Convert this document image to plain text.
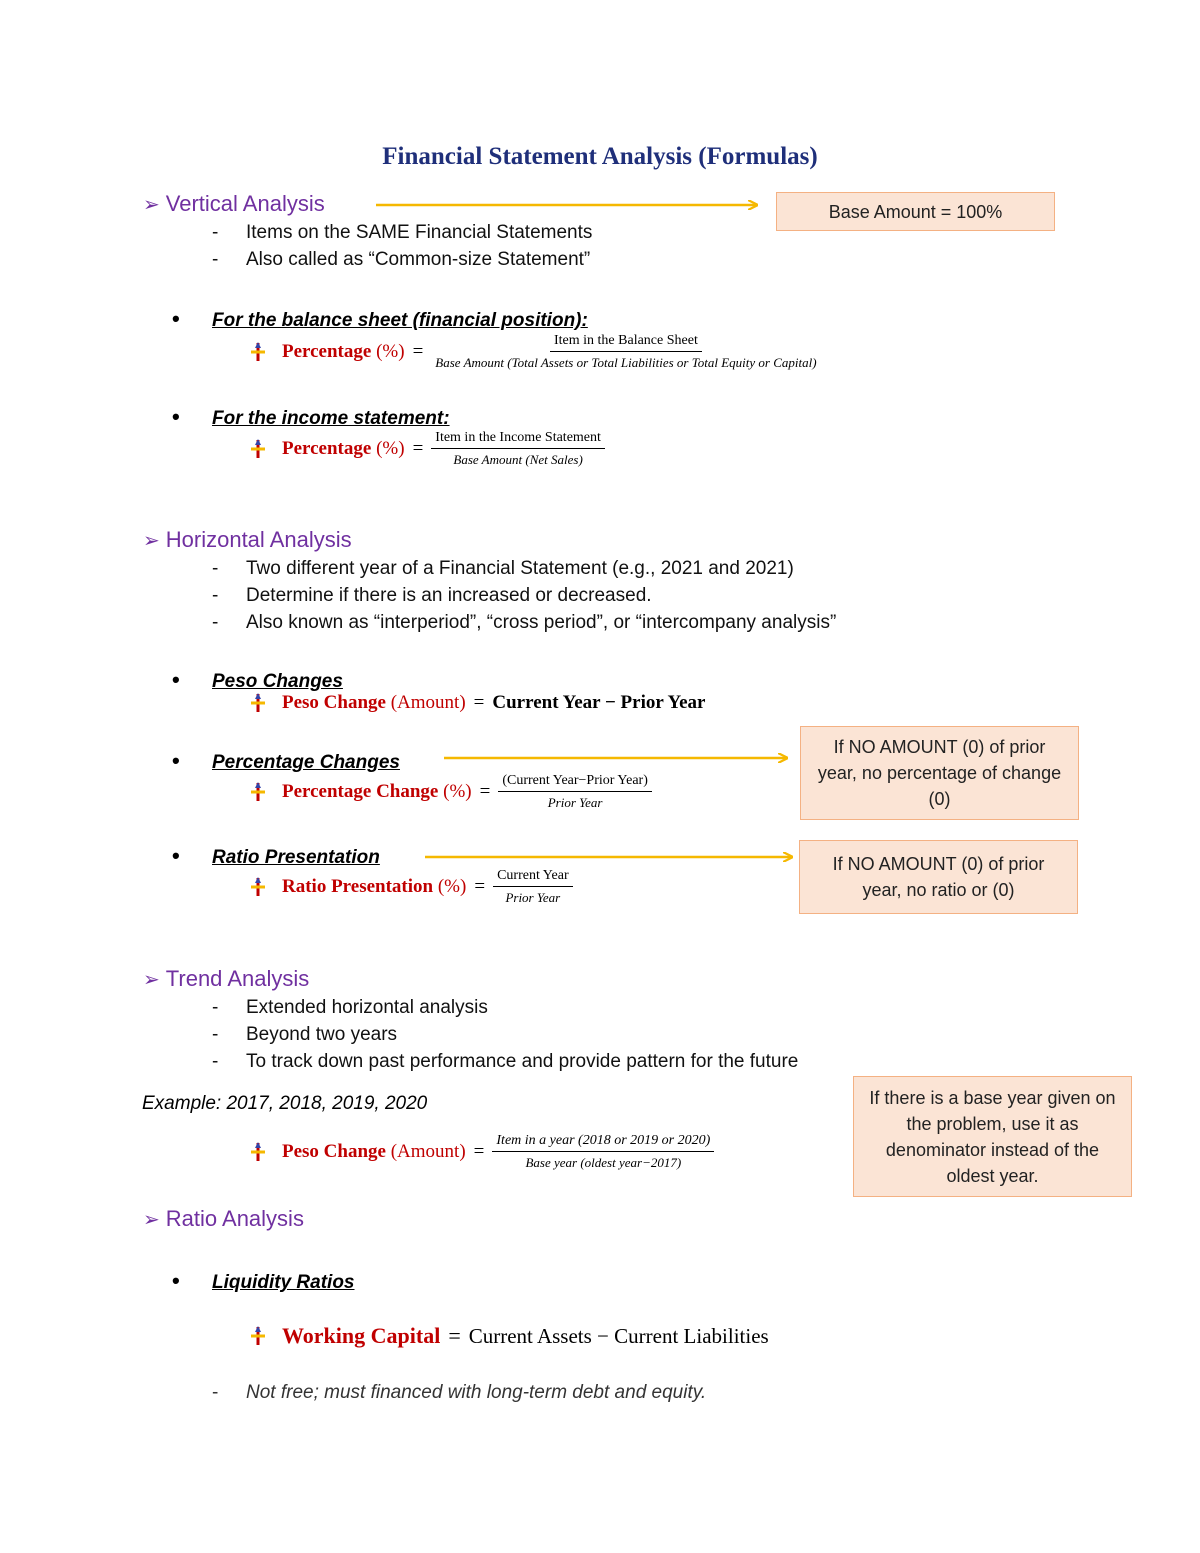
Financial Statement Analysis (Formulas)
➢ Vertical Analysis	Base Amount = 100%
- Items on the SAME Financial Statements
- Also called as “Common-size Statement”
• For the balance sheet (financial position):
Percentage (%) =
Item in the Balance Sheet
Base Amount (Total Assets or Total Liabilities or Total Equity or Capital)
• For the income statement:
Percentage (%) = $\frac{\text{Item in the Income Statement}}{\text{Base Amount (Net Sales)}}$
➢ Horizontal Analysis
- Two different year of a Financial Statement (e.g., 2021 and 2021)
- Determine if there is an increased or decreased.
- Also known as “interperiod”, “cross period”, or “intercompany analysis”
• Peso Changes
Peso Change (Amount) = Current Year − Prior Year
• Percentage Changes
Percentage Change (%) = $\frac{\text{(Current Year−Prior Year)}}{\text{Prior Year}}$
If NO AMOUNT (0) of prior year, no percentage of change (0)
• Ratio Presentation
Ratio Presentation (%) = $\frac{\text{Current Year}}{\text{Prior Year}}$
If NO AMOUNT (0) of prior year, no ratio or (0)
➢ Trend Analysis
- Extended horizontal analysis
- Beyond two years
- To track down past performance and provide pattern for the future
Example: 2017, 2018, 2019, 2020	If there is a base year given on the problem, use it as denominator instead of the oldest year.
Peso Change (Amount) = $\frac{\text{Item in a year (2018 or 2019 or 2020)}}{\text{Base year (oldest year−2017)}}$
➢ Ratio Analysis
• Liquidity Ratios
Working Capital = Current Assets − Current Liabilities
- Not free; must financed with long-term debt and equity.
